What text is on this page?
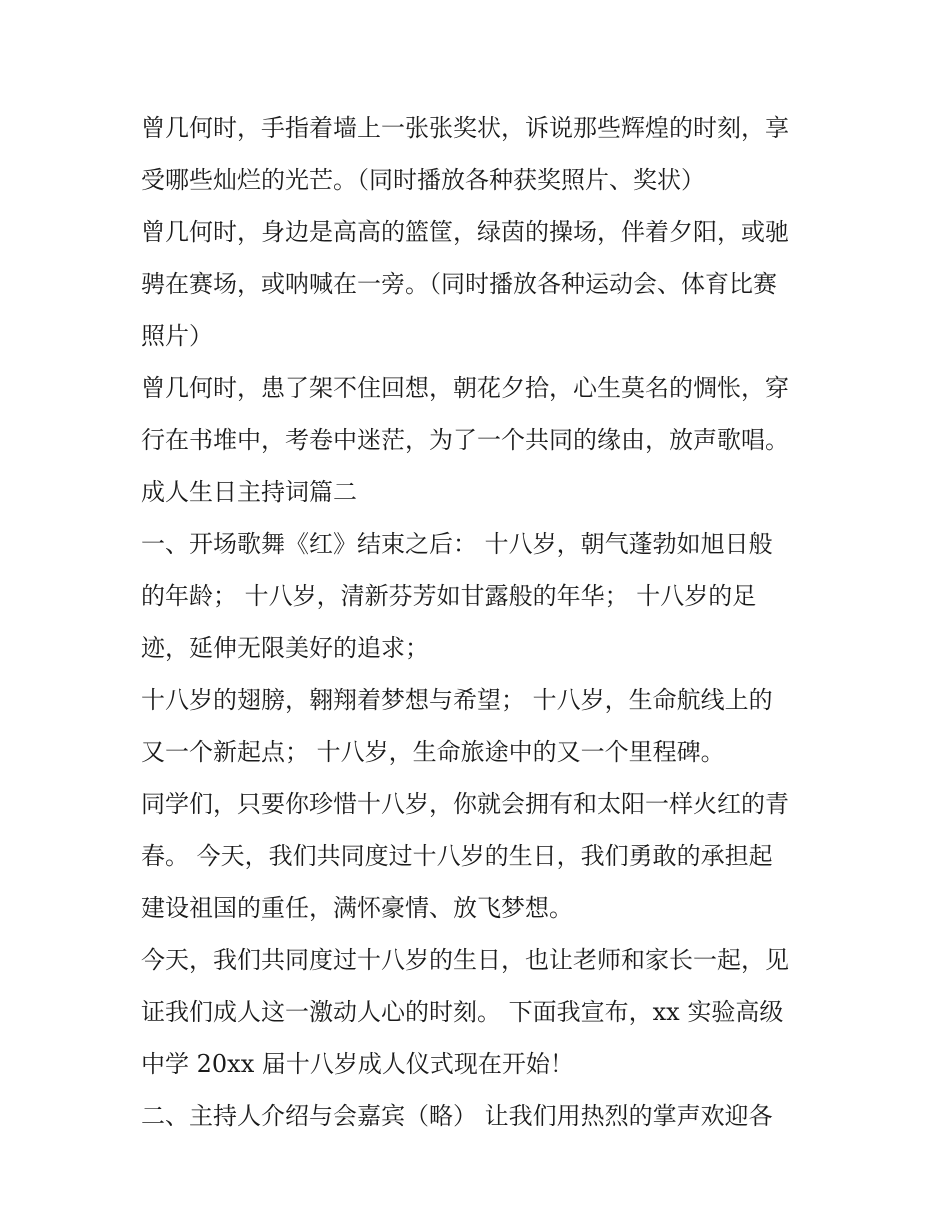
曾几何时，手指着墙上一张张奖状，诉说那些辉煌的时刻，享
受哪些灿烂的光芒。（同时播放各种获奖照片、奖状）
曾几何时，身边是高高的篮筐，绿茵的操场，伴着夕阳，或驰
骋在赛场，或呐喊在一旁。（同时播放各种运动会、体育比赛
照片）
曾几何时，患了架不住回想，朝花夕拾，心生莫名的惆怅，穿
行在书堆中，考卷中迷茫，为了一个共同的缘由，放声歌唱。
成人生日主持词篇二
一、开场歌舞《红》结束之后： 十八岁，朝气蓬勃如旭日般
的年龄； 十八岁，清新芬芳如甘露般的年华； 十八岁的足
迹，延伸无限美好的追求；
十八岁的翅膀，翱翔着梦想与希望； 十八岁，生命航线上的
又一个新起点； 十八岁，生命旅途中的又一个里程碑。
同学们，只要你珍惜十八岁，你就会拥有和太阳一样火红的青
春。 今天，我们共同度过十八岁的生日，我们勇敢的承担起
建设祖国的重任，满怀豪情、放飞梦想。
今天，我们共同度过十八岁的生日，也让老师和家长一起，见
证我们成人这一激动人心的时刻。 下面我宣布，xx 实验高级
中学 20xx 届十八岁成人仪式现在开始！
二、主持人介绍与会嘉宾（略） 让我们用热烈的掌声欢迎各
